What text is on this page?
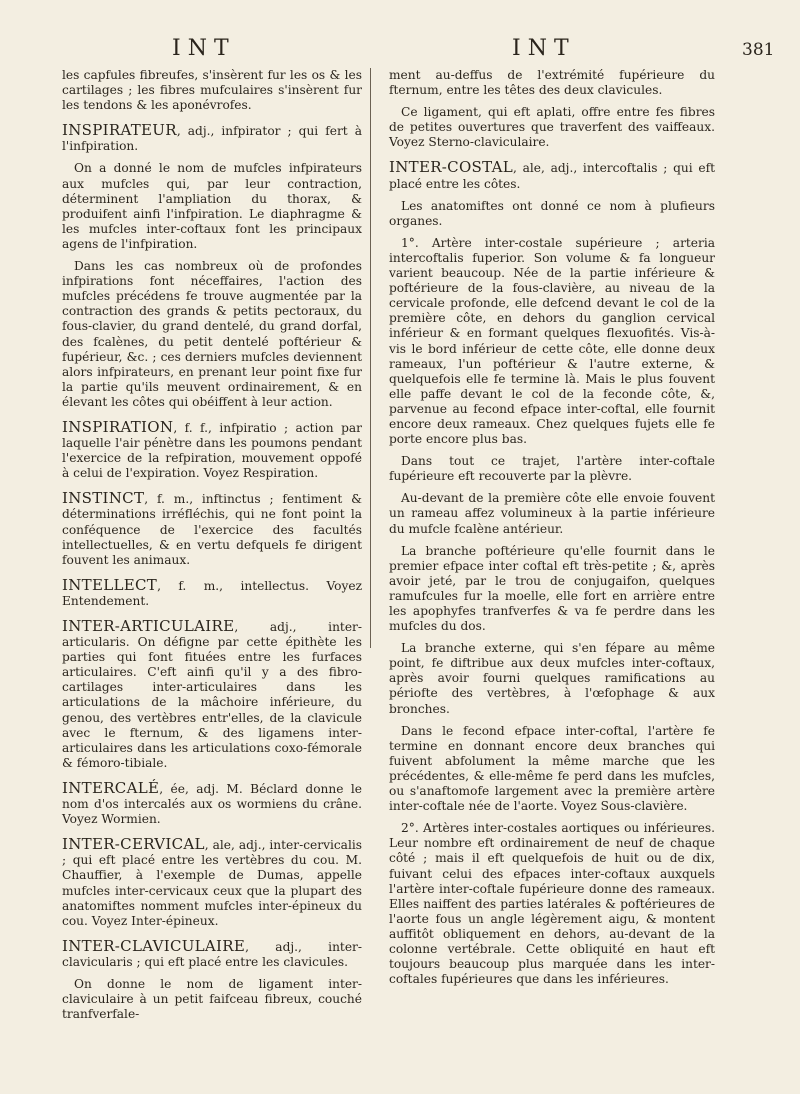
INT	INT	381

les capfules fibreufes, s'insèrent fur les os & les cartilages ; les fibres mufculaires s'insèrent fur les tendons & les aponévrofes.

INSPIRATEUR, adj., infpirator ; qui fert à l'infpiration.

On a donné le nom de mufcles infpirateurs aux mufcles qui, par leur contraction, déterminent l'ampliation du thorax, & produifent ainfi l'infpiration. Le diaphragme & les mufcles inter-coftaux font les principaux agens de l'infpiration.

Dans les cas nombreux où de profondes infpirations font néceffaires, l'action des mufcles précédens fe trouve augmentée par la contraction des grands & petits pectoraux, du fous-clavier, du grand dentelé, du grand dorfal, des fcalènes, du petit dentelé poftérieur & fupérieur, &c. ; ces derniers mufcles deviennent alors infpirateurs, en prenant leur point fixe fur la partie qu'ils meuvent ordinairement, & en élevant les côtes qui obéiffent à leur action.

INSPIRATION, f. f., infpiratio ; action par laquelle l'air pénètre dans les poumons pendant l'exercice de la refpiration, mouvement oppofé à celui de l'expiration. Voyez Respiration.

INSTINCT, f. m., inftinctus ; fentiment & déterminations irréfléchis, qui ne font point la conféquence de l'exercice des facultés intellectuelles, & en vertu defquels fe dirigent fouvent les animaux.

INTELLECT, f. m., intellectus. Voyez Entendement.

INTER-ARTICULAIRE, adj., inter-articularis. On défigne par cette épithète les parties qui font fituées entre les furfaces articulaires. C'eft ainfi qu'il y a des fibro-cartilages inter-articulaires dans les articulations de la mâchoire inférieure, du genou, des vertèbres entr'elles, de la clavicule avec le fternum, & des ligamens inter-articulaires dans les articulations coxo-fémorale & fémoro-tibiale.

INTERCALÉ, ée, adj. M. Béclard donne le nom d'os intercalés aux os wormiens du crâne. Voyez Wormien.

INTER-CERVICAL, ale, adj., inter-cervicalis ; qui eft placé entre les vertèbres du cou. M. Chauffier, à l'exemple de Dumas, appelle mufcles inter-cervicaux ceux que la plupart des anatomiftes nomment mufcles inter-épineux du cou. Voyez Inter-épineux.

INTER-CLAVICULAIRE, adj., inter-clavicularis ; qui eft placé entre les clavicules.

On donne le nom de ligament inter-claviculaire à un petit faifceau fibreux, couché tranfverfale-

ment au-deffus de l'extrémité fupérieure du fternum, entre les têtes des deux clavicules.

Ce ligament, qui eft aplati, offre entre fes fibres de petites ouvertures que traverfent des vaiffeaux. Voyez Sterno-claviculaire.

INTER-COSTAL, ale, adj., intercoftalis ; qui eft placé entre les côtes.

Les anatomiftes ont donné ce nom à plufieurs organes.

1°. Artère inter-costale supérieure ; arteria intercoftalis fuperior. Son volume & fa longueur varient beaucoup. Née de la partie inférieure & poftérieure de la fous-clavière, au niveau de la cervicale profonde, elle defcend devant le col de la première côte, en dehors du ganglion cervical inférieur & en formant quelques flexuofités. Vis-à-vis le bord inférieur de cette côte, elle donne deux rameaux, l'un poftérieur & l'autre externe, & quelquefois elle fe termine là. Mais le plus fouvent elle paffe devant le col de la feconde côte, &, parvenue au fecond efpace inter-coftal, elle fournit encore deux rameaux. Chez quelques fujets elle fe porte encore plus bas.

Dans tout ce trajet, l'artère inter-coftale fupérieure eft recouverte par la plèvre.

Au-devant de la première côte elle envoie fouvent un rameau affez volumineux à la partie inférieure du mufcle fcalène antérieur.

La branche poftérieure qu'elle fournit dans le premier efpace inter coftal eft très-petite ; &, après avoir jeté, par le trou de conjugaifon, quelques ramufcules fur la moelle, elle fort en arrière entre les apophyfes tranfverfes & va fe perdre dans les mufcles du dos.

La branche externe, qui s'en fépare au même point, fe diftribue aux deux mufcles inter-coftaux, après avoir fourni quelques ramifications au périofte des vertèbres, à l'œfophage & aux bronches.

Dans le fecond efpace inter-coftal, l'artère fe termine en donnant encore deux branches qui fuivent abfolument la même marche que les précédentes, & elle-même fe perd dans les mufcles, ou s'anaftomofe largement avec la première artère inter-coftale née de l'aorte. Voyez Sous-clavière.

2°. Artères inter-costales aortiques ou inférieures. Leur nombre eft ordinairement de neuf de chaque côté ; mais il eft quelquefois de huit ou de dix, fuivant celui des efpaces inter-coftaux auxquels l'artère inter-coftale fupérieure donne des rameaux. Elles naiffent des parties latérales & poftérieures de l'aorte fous un angle légèrement aigu, & montent auffitôt obliquement en dehors, au-devant de la colonne vertébrale. Cette obliquité en haut eft toujours beaucoup plus marquée dans les inter-coftales fupérieures que dans les inférieures.
